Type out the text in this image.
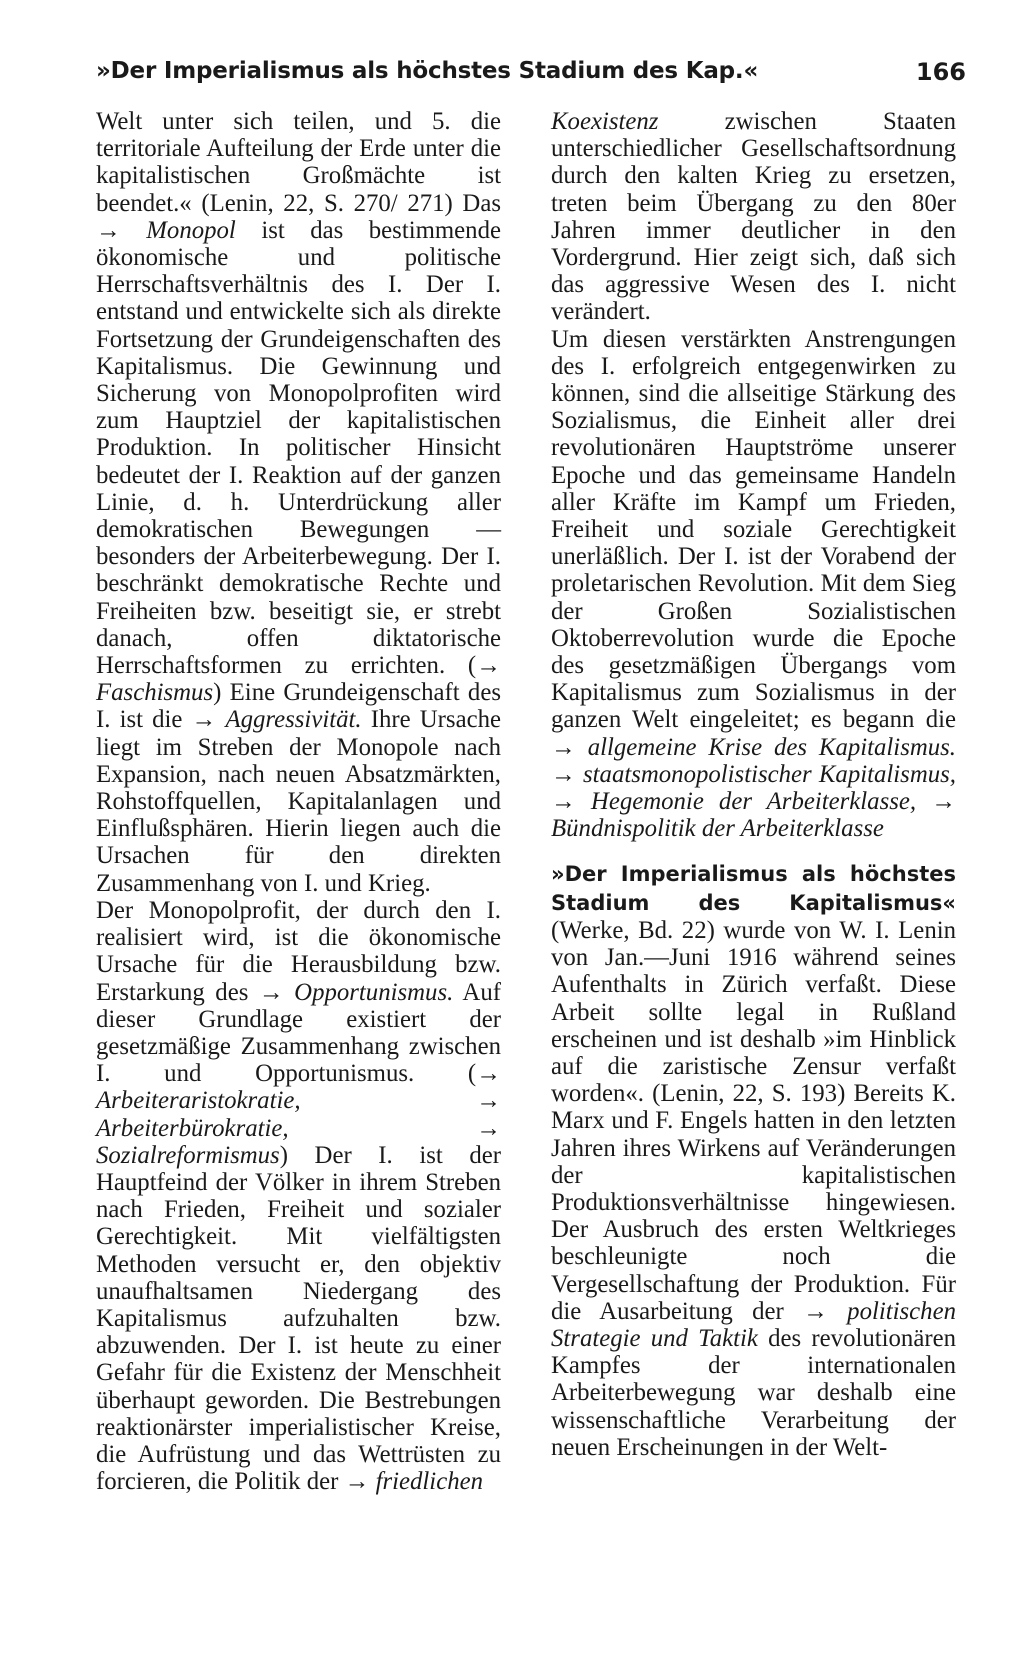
»Der Imperialismus als höchstes Stadium des Kap.«	166

Welt unter sich teilen, und 5. die territoriale Aufteilung der Erde unter die kapitalistischen Großmächte ist beendet.« (Lenin, 22, S. 270/ 271) Das → Monopol ist das bestimmende ökonomische und politische Herrschaftsverhältnis des I. Der I. entstand und entwickelte sich als direkte Fortsetzung der Grundeigenschaften des Kapitalismus. Die Gewinnung und Sicherung von Monopolprofiten wird zum Hauptziel der kapitalistischen Produktion. In politischer Hinsicht bedeutet der I. Reaktion auf der ganzen Linie, d. h. Unterdrückung aller demokratischen Bewegungen — besonders der Arbeiterbewegung. Der I. beschränkt demokratische Rechte und Freiheiten bzw. beseitigt sie, er strebt danach, offen diktatorische Herrschaftsformen zu errichten. (→ Faschismus) Eine Grundeigenschaft des I. ist die → Aggressivität. Ihre Ursache liegt im Streben der Monopole nach Expansion, nach neuen Absatzmärkten, Rohstoffquellen, Kapitalanlagen und Einflußsphären. Hierin liegen auch die Ursachen für den direkten Zusammenhang von I. und Krieg.

Der Monopolprofit, der durch den I. realisiert wird, ist die ökonomische Ursache für die Herausbildung bzw. Erstarkung des → Opportunismus. Auf dieser Grundlage existiert der gesetzmäßige Zusammenhang zwischen I. und Opportunismus. (→ Arbeiteraristokratie, → Arbeiterbürokratie, → Sozialreformismus) Der I. ist der Hauptfeind der Völker in ihrem Streben nach Frieden, Freiheit und sozialer Gerechtigkeit. Mit vielfältigsten Methoden versucht er, den objektiv unaufhaltsamen Niedergang des Kapitalismus aufzuhalten bzw. abzuwenden. Der I. ist heute zu einer Gefahr für die Existenz der Menschheit überhaupt geworden. Die Bestrebungen reaktionärster imperialistischer Kreise, die Aufrüstung und das Wettrüsten zu forcieren, die Politik der → friedlichen

Koexistenz zwischen Staaten unterschiedlicher Gesellschaftsordnung durch den kalten Krieg zu ersetzen, treten beim Übergang zu den 80er Jahren immer deutlicher in den Vordergrund. Hier zeigt sich, daß sich das aggressive Wesen des I. nicht verändert.

Um diesen verstärkten Anstrengungen des I. erfolgreich entgegenwirken zu können, sind die allseitige Stärkung des Sozialismus, die Einheit aller drei revolutionären Hauptströme unserer Epoche und das gemeinsame Handeln aller Kräfte im Kampf um Frieden, Freiheit und soziale Gerechtigkeit unerläßlich. Der I. ist der Vorabend der proletarischen Revolution. Mit dem Sieg der Großen Sozialistischen Oktoberrevolution wurde die Epoche des gesetzmäßigen Übergangs vom Kapitalismus zum Sozialismus in der ganzen Welt eingeleitet; es begann die → allgemeine Krise des Kapitalismus. → staatsmonopolistischer Kapitalismus, → Hegemonie der Arbeiterklasse, → Bündnispolitik der Arbeiterklasse

»Der Imperialismus als höchstes Stadium des Kapitalismus« (Werke, Bd. 22) wurde von W. I. Lenin von Jan.—Juni 1916 während seines Aufenthalts in Zürich verfaßt. Diese Arbeit sollte legal in Rußland erscheinen und ist deshalb »im Hinblick auf die zaristische Zensur verfaßt worden«. (Lenin, 22, S. 193) Bereits K. Marx und F. Engels hatten in den letzten Jahren ihres Wirkens auf Veränderungen der kapitalistischen Produktionsverhältnisse hingewiesen. Der Ausbruch des ersten Weltkrieges beschleunigte noch die Vergesellschaftung der Produktion. Für die Ausarbeitung der → politischen Strategie und Taktik des revolutionären Kampfes der internationalen Arbeiterbewegung war deshalb eine wissenschaftliche Verarbeitung der neuen Erscheinungen in der Welt-
